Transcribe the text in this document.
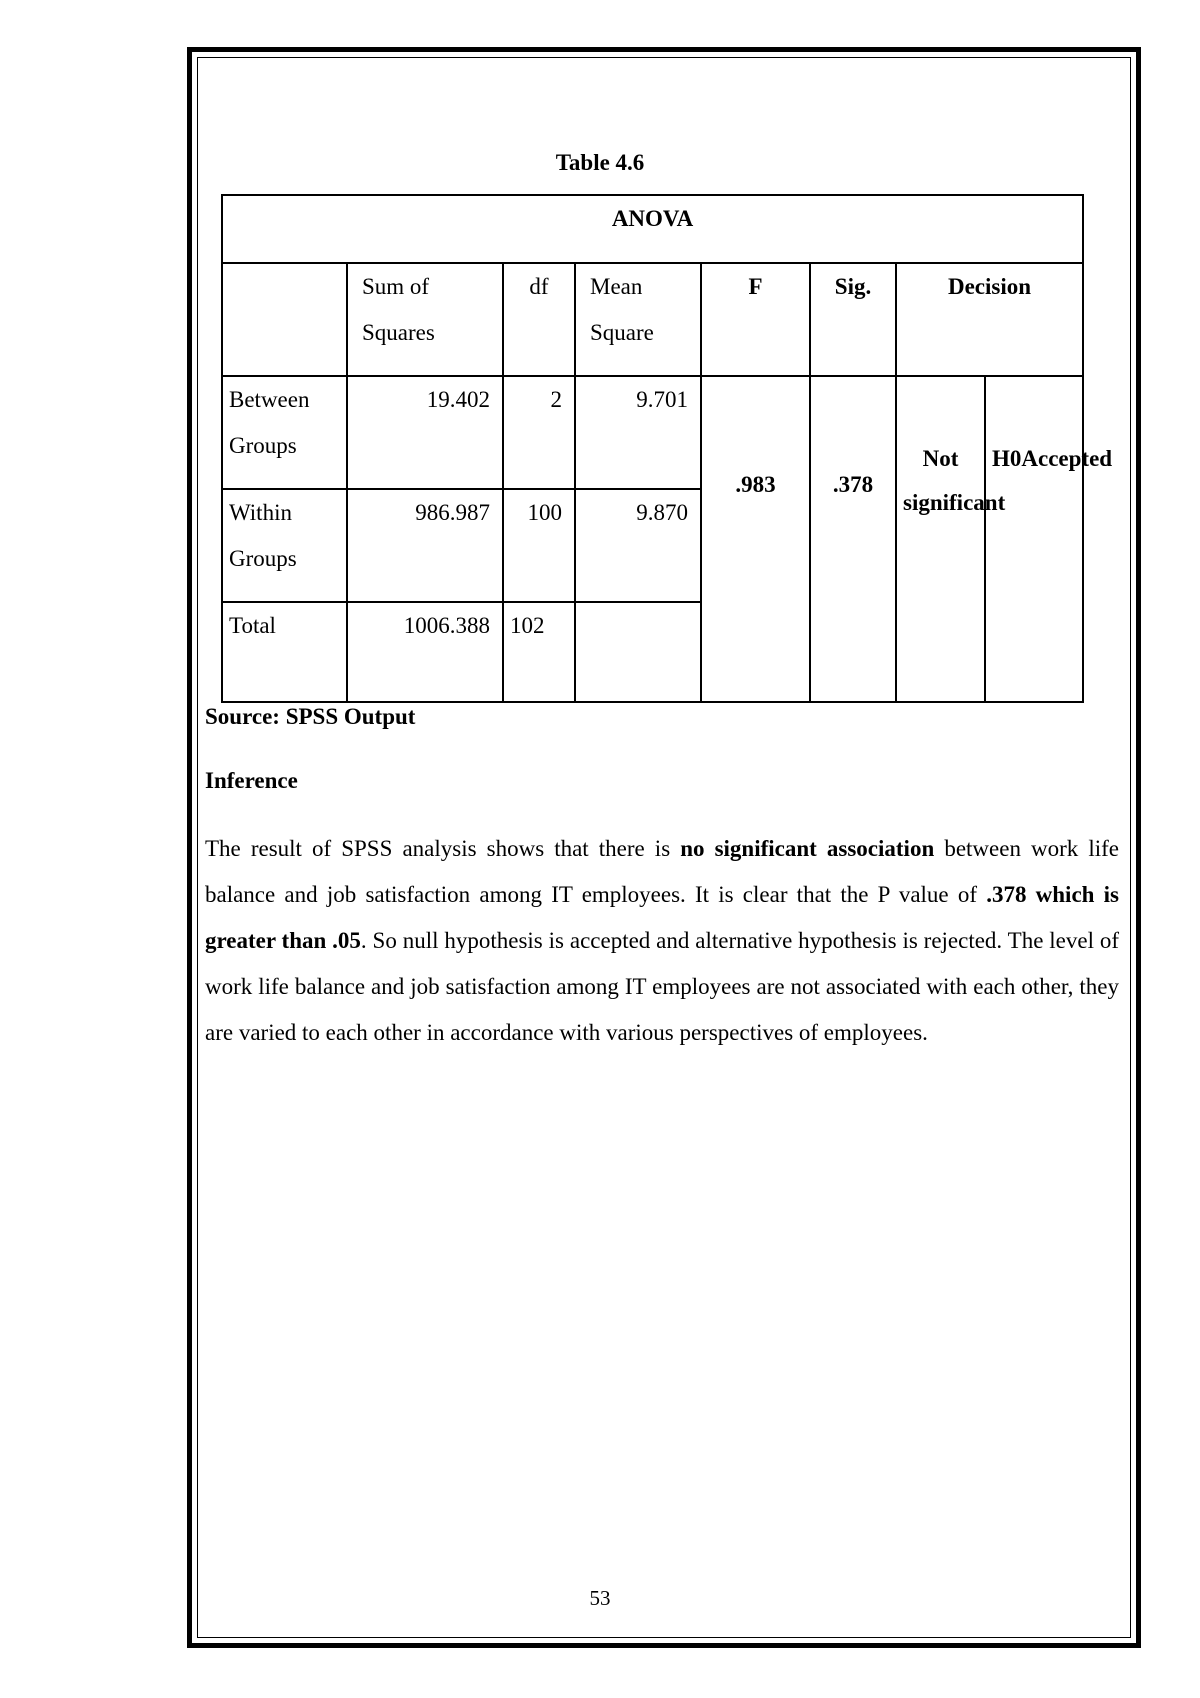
Table 4.6
ANOVA							
	Sum of Squares	df	Mean Square	F	Sig.	Decision	
Between Groups	19.402	2	9.701	.983	.378	Not significant	H0Accepted
Within Groups	986.987	100	9.870				
Total	1006.388	102					
Source: SPSS Output
Inference

The result of SPSS analysis shows that there is no significant association between work life balance and job satisfaction among IT employees. It is clear that the P value of .378 which is greater than .05. So null hypothesis is accepted and alternative hypothesis is rejected. The level of work life balance and job satisfaction among IT employees are not associated with each other, they are varied to each other in accordance with various perspectives of employees.

53
